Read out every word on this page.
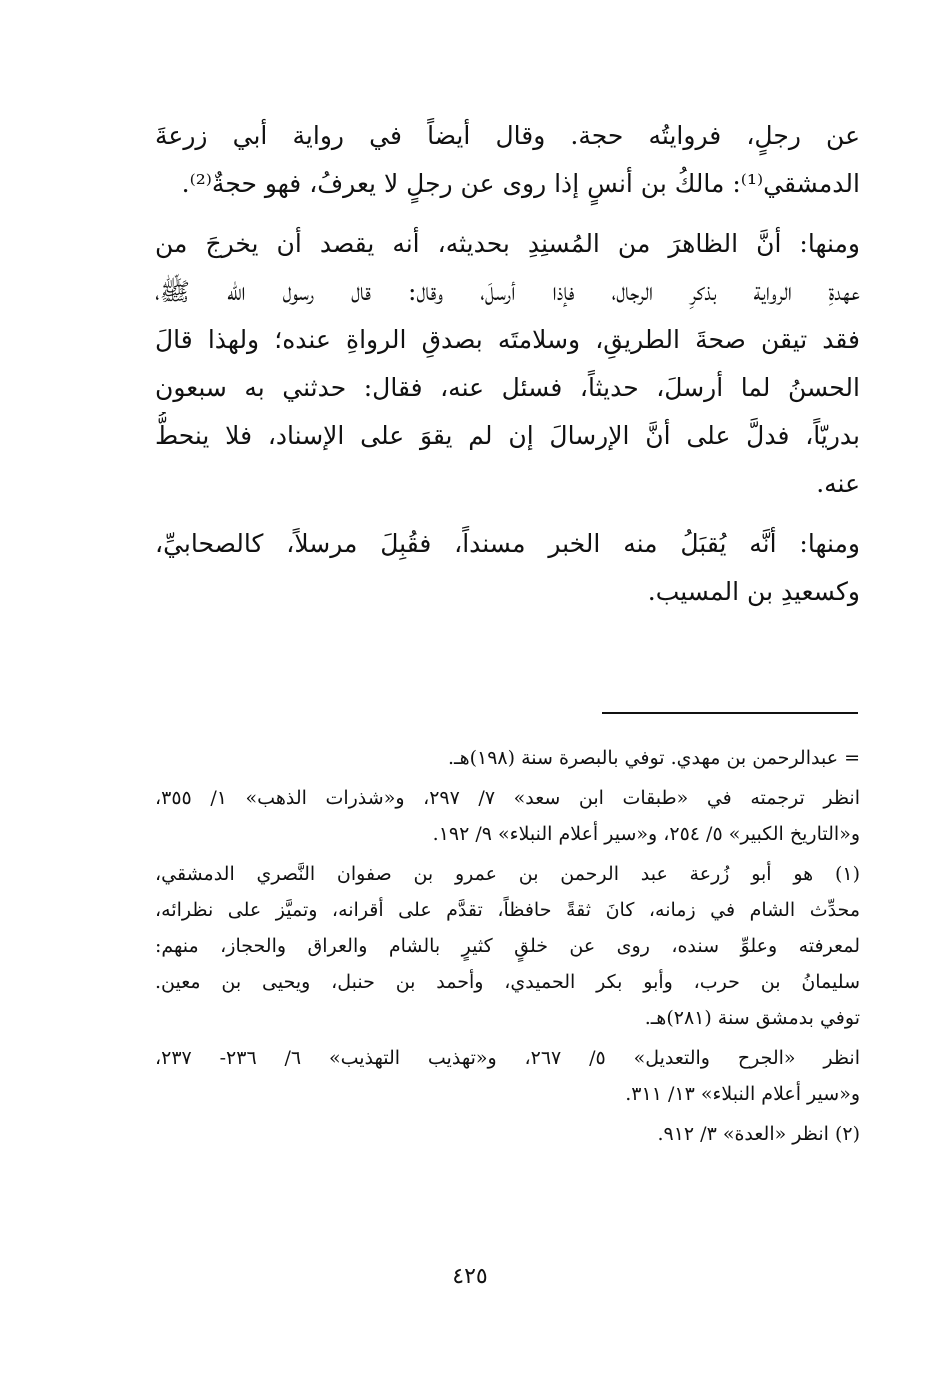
عن رجلٍ، فروايتُه حجة. وقال أيضاً في رواية أبي زرعةَ
الدمشقي⁽¹⁾: مالكُ بن أنسٍ إذا روى عن رجلٍ لا يعرفُ، فهو حجةٌ⁽²⁾.
ومنها: أنَّ الظاهرَ من المُسنِدِ بحديثه، أنه يقصد أن يخرجَ من
عهدةِ الرواية بذكرِ الرجال، فإذا أرسلَ، وقال: قال رسول الله ﷺ،
فقد تيقن صحةَ الطريقِ، وسلامتَه بصدقِ الرواةِ عنده؛ ولهذا قالَ
الحسنُ لما أرسلَ، حديثاً، فسئل عنه، فقال: حدثني به سبعون
بدريّاً، فدلَّ على أنَّ الإرسالَ إن لم يقوَ على الإسناد، فلا ينحطُّ
عنه.
ومنها: أنَّه يُقبَلُ منه الخبر مسنداً، فقُبِلَ مرسلاً، كالصحابيِّ،
وكسعيدِ بن المسيب.
= عبدالرحمن بن مهدي. توفي بالبصرة سنة (١٩٨)هـ.
انظر ترجمته في «طبقات ابن سعد» ٧/ ٢٩٧، و«شذرات الذهب» ١/ ٣٥٥،
و«التاريخ الكبير» ٥/ ٢٥٤، و«سير أعلام النبلاء» ٩/ ١٩٢.
(١) هو أبو زُرعة عبد الرحمن بن عمرو بن صفوان النَّصري الدمشقي،
محدِّث الشام في زمانه، كانَ ثقةً حافظاً، تقدَّم على أقرانه، وتميَّز على نظرائه،
لمعرفته وعلوِّ سنده، روى عن خلقٍ كثيرٍ بالشام والعراق والحجاز، منهم:
سليمانُ بن حرب، وأبو بكر الحميدي، وأحمد بن حنبل، ويحيى بن معين.
توفي بدمشق سنة (٢٨١)هـ.
انظر «الجرح والتعديل» ٥/ ٢٦٧، و«تهذيب التهذيب» ٦/ ٢٣٦- ٢٣٧،
و«سير أعلام النبلاء» ١٣/ ٣١١.
(٢) انظر «العدة» ٣/ ٩١٢.
٤٢٥
